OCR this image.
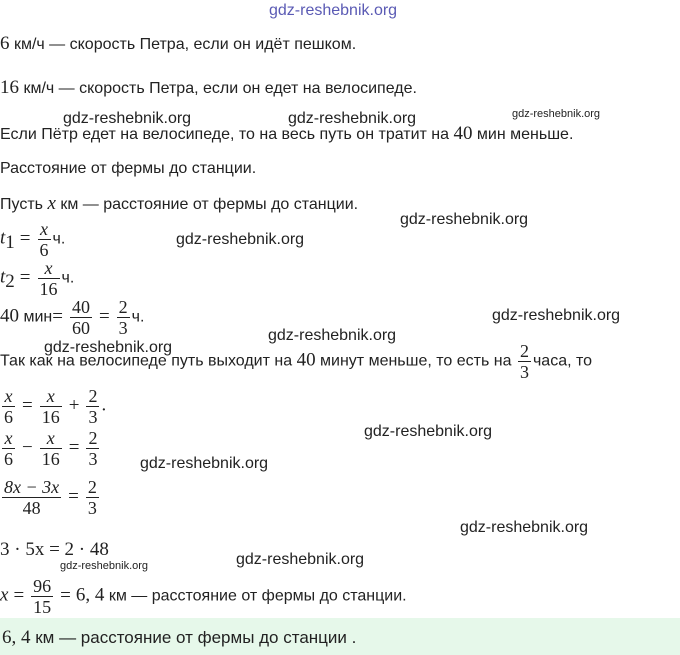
gdz-reshebnik.org
6 км/ч — скорость Петра, если он идёт пешком.
16 км/ч — скорость Петра, если он едет на велосипеде.
Если Пётр едет на велосипеде, то на весь путь он тратит на 40 мин меньше.
Расстояние от фермы до станции.
Пусть x км — расстояние от фермы до станции.
$t_1 = \frac{x}{6} ч$.
$t_2 = \frac{x}{16} ч$.
40 $мин= \frac{40}{60} = \frac{2}{3} ч$.
Так как на велосипеде путь выходит на 40 минут меньше, то есть на $\frac{2}{3}$ часа, то
$\frac{x}{6} = \frac{x}{16} + \frac{2}{3}$ .
$\frac{x}{6} - \frac{x}{16} = \frac{2}{3}$
$\frac{8x - 3x}{48} = \frac{2}{3}$
3 · 5x = 2 · 48
$x = \frac{96}{15} = 6$, 4 км — расстояние от фермы до станции.
6, 4 км — расстояние от фермы до станции .
gdz-reshebnik.org	gdz-reshebnik.org	gdz-reshebnik.org
gdz-reshebnik.org
gdz-reshebnik.org
gdz-reshebnik.org
gdz-reshebnik.org
gdz-reshebnik.org
gdz-reshebnik.org
gdz-reshebnik.org
gdz-reshebnik.org
gdz-reshebnik.org
gdz-reshebnik.org
